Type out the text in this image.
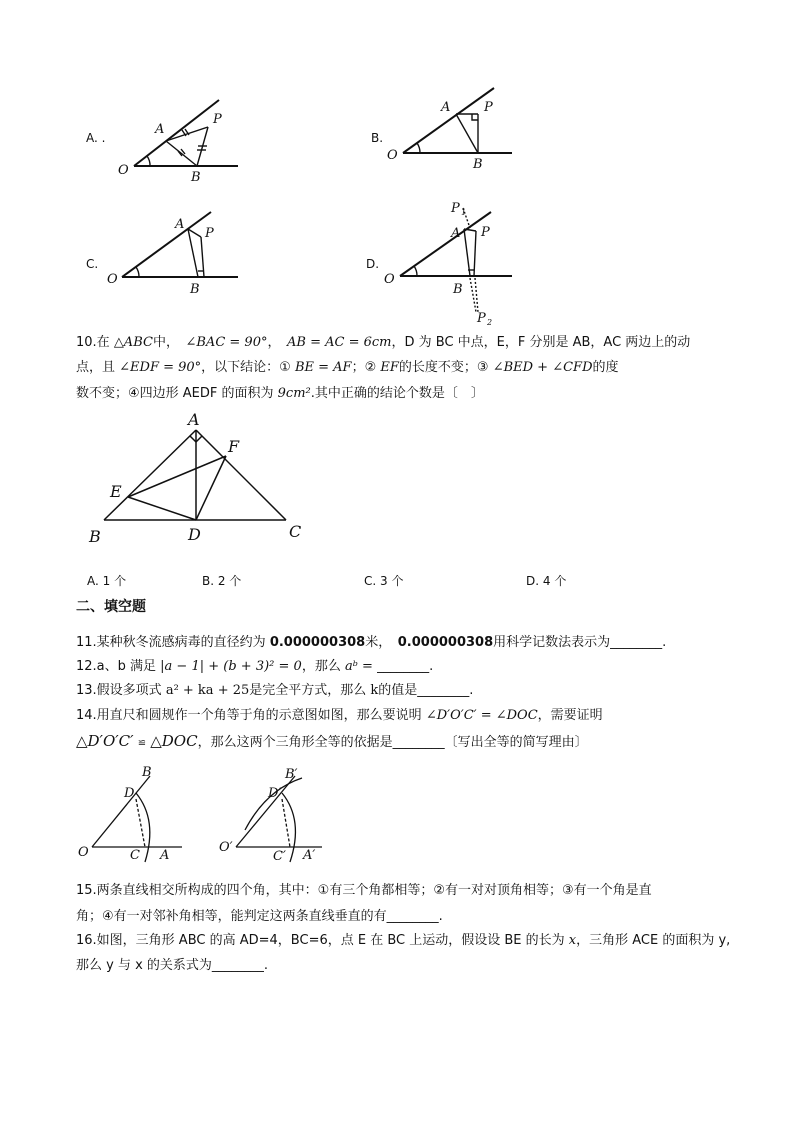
A. .
O
A
P
B
B.
O
A	P
B
C.
O
A
P
B
D.
P 1
O
A P
B
P 2
10.在 △ABC中，　 ∠BAC = 90°，　 AB = AC = 6cm，D 为 BC 中点，E，F 分别是 AB，AC 两边上的动
点，且 ∠EDF = 90°，以下结论：① BE = AF；② EF的长度不变；③ ∠BED + ∠CFD的度
数不变；④四边形 AEDF 的面积为 9cm².其中正确的结论个数是〔　〕
A
F
E
B	D	C
A. 1 个	B. 2 个	C. 3 个	D. 4 个
二、填空题
11.某种秋冬流感病毒的直径约为 0.000000308米，　 0.000000308用科学记数法表示为________.
12.a、b 满足 |a − 1| + (b + 3)² = 0，那么 aᵇ = ________.
13.假设多项式 a² + ka + 25是完全平方式，那么 k的值是________.
14.用直尺和圆规作一个角等于角的示意图如图，那么要说明 ∠D′O′C′ = ∠DOC，需要证明
△D′O′C′ ≌ △DOC，那么这两个三角形全等的依据是________〔写出全等的简写理由〕
B
D
O	C A
B′
D′
O′
C′ A′
15.两条直线相交所构成的四个角，其中：①有三个角都相等；②有一对对顶角相等；③有一个角是直
角；④有一对邻补角相等，能判定这两条直线垂直的有________.
16.如图，三角形 ABC 的高 AD=4，BC=6，点 E 在 BC 上运动，假设设 BE 的长为 x，三角形 ACE 的面积为 y,
那么 y 与 x 的关系式为________.
